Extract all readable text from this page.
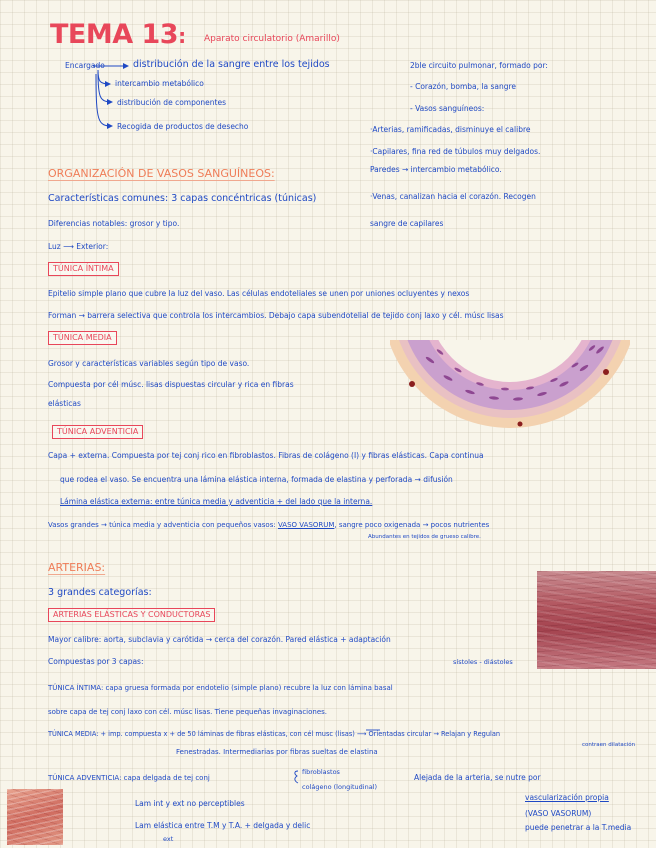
TEMA 13: Aparato circulatorio (Amarillo)
Encargado	distribución de la sangre entre los tejidos
intercambio metabólico
distribución de componentes
Recogida de productos de desecho
2ble circuito pulmonar, formado por:
- Corazón, bomba, la sangre
- Vasos sanguíneos:
·Arterias, ramificadas, disminuye el calibre
·Capilares, fina red de túbulos muy delgados.
Paredes → intercambio metabólico.
·Venas, canalizan hacia el corazón. Recogen
sangre de capilares
ORGANIZACIÓN DE VASOS SANGUÍNEOS:
Características comunes: 3 capas concéntricas (túnicas)
Diferencias notables: grosor y tipo.
Luz ⟶ Exterior:
TÚNICA ÍNTIMA
Epitelio simple plano que cubre la luz del vaso. Las células endoteliales se unen por uniones ocluyentes y nexos
Forman → barrera selectiva que controla los intercambios. Debajo capa subendotelial de tejido conj laxo y cél. músc lisas
TÚNICA MEDIA
Grosor y características variables según tipo de vaso.
Compuesta por cél músc. lisas dispuestas circular y rica en fibras
elásticas
TÚNICA ADVENTICIA
Capa + externa. Compuesta por tej conj rico en fibroblastos. Fibras de colágeno (I) y fibras elásticas. Capa continua
que rodea el vaso. Se encuentra una lámina elástica interna, formada de elastina y perforada → difusión
Lámina elástica externa: entre túnica media y adventicia + del lado que la interna.
Vasos grandes → túnica media y adventicia con pequeños vasos: VASO VASORUM, sangre poco oxigenada → pocos nutrientes
Abundantes en tejidos de grueso calibre.
ARTERIAS:
3 grandes categorías:
ARTERIAS ELÁSTICAS Y CONDUCTORAS
Mayor calibre: aorta, subclavia y carótida → cerca del corazón. Pared elástica + adaptación
sístoles - diástoles
Compuestas por 3 capas:
TÚNICA ÍNTIMA: capa gruesa formada por endotelio (simple plano) recubre la luz con lámina basal
sobre capa de tej conj laxo con cél. músc lisas. Tiene pequeñas invaginaciones.
TÚNICA MEDIA: + imp. compuesta x + de 50 láminas de fibras elásticas, con cél musc (lisas) ⟶ Orientadas circular → Relajan y Regulan
contraen dilatación
Fenestradas. Intermediarias por fibras sueltas de elastina
TÚNICA ADVENTICIA: capa delgada de tej conj
fibroblastos
colágeno (longitudinal)
Alejada de la arteria, se nutre por
vascularización propia
(VASO VASORUM)
puede penetrar a la T.media
Lam int y ext no perceptibles
Lam elástica entre T.M y T.A. + delgada y delic
ext
